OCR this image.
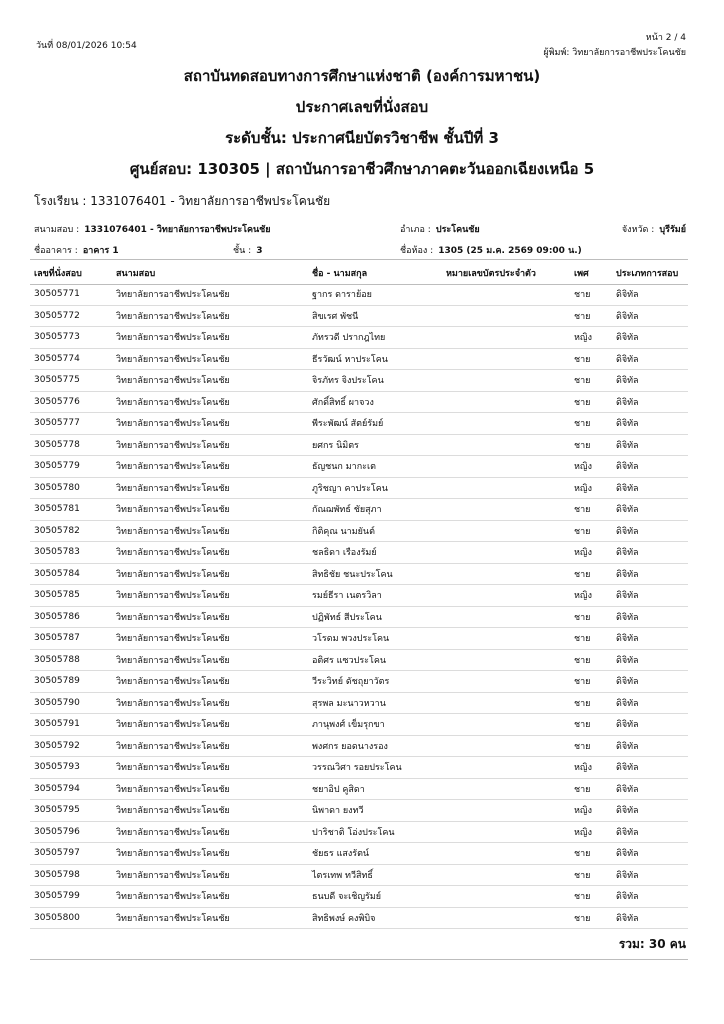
วันที่ 08/01/2026 10:54
หน้า 2 / 4
ผู้พิมพ์: วิทยาลัยการอาชีพประโคนชัย
สถาบันทดสอบทางการศึกษาแห่งชาติ (องค์การมหาชน)
ประกาศเลขที่นั่งสอบ
ระดับชั้น: ประกาศนียบัตรวิชาชีพ ชั้นปีที่ 3
ศูนย์สอบ: 130305 | สถาบันการอาชีวศึกษาภาคตะวันออกเฉียงเหนือ 5
โรงเรียน : 1331076401 - วิทยาลัยการอาชีพประโคนชัย
สนามสอบ : 1331076401 - วิทยาลัยการอาชีพประโคนชัย	อำเภอ : ประโคนชัย	จังหวัด : บุรีรัมย์
ชื่ออาคาร : อาคาร 1	ชั้น : 3	ชื่อห้อง : 1305 (25 ม.ค. 2569 09:00 น.)
เลขที่นั่งสอบ	สนามสอบ	ชื่อ - นามสกุล	หมายเลขบัตรประจำตัว	เพศ	ประเภทการสอบ
30505771	วิทยาลัยการอาชีพประโคนชัย	ฐากร ดาราย้อย		ชาย	ดิจิทัล
30505772	วิทยาลัยการอาชีพประโคนชัย	สิขเรศ พัชนี		ชาย	ดิจิทัล
30505773	วิทยาลัยการอาชีพประโคนชัย	ภัทรวดี ปรากฎไทย		หญิง	ดิจิทัล
30505774	วิทยาลัยการอาชีพประโคนชัย	ธีรวัฒน์ หาประโคน		ชาย	ดิจิทัล
30505775	วิทยาลัยการอาชีพประโคนชัย	จิรภัทร จิงประโคน		ชาย	ดิจิทัล
30505776	วิทยาลัยการอาชีพประโคนชัย	ศักดิ์สิทธิ์ ผาจวง		ชาย	ดิจิทัล
30505777	วิทยาลัยการอาชีพประโคนชัย	พีระพัฒน์ สัตย์รัมย์		ชาย	ดิจิทัล
30505778	วิทยาลัยการอาชีพประโคนชัย	ยศกร นิมิตร		ชาย	ดิจิทัล
30505779	วิทยาลัยการอาชีพประโคนชัย	ธัญชนก มากะเต		หญิง	ดิจิทัล
30505780	วิทยาลัยการอาชีพประโคนชัย	ภูริชญา คาประโคน		หญิง	ดิจิทัล
30505781	วิทยาลัยการอาชีพประโคนชัย	กัณฌพัทธ์ ชัยสุภา		ชาย	ดิจิทัล
30505782	วิทยาลัยการอาชีพประโคนชัย	กิติคุณ นามยันต์		ชาย	ดิจิทัล
30505783	วิทยาลัยการอาชีพประโคนชัย	ชลธิดา เรืองรัมย์		หญิง	ดิจิทัล
30505784	วิทยาลัยการอาชีพประโคนชัย	สิทธิชัย ชนะประโคน		ชาย	ดิจิทัล
30505785	วิทยาลัยการอาชีพประโคนชัย	รมย์ธีรา เนตรวิลา		หญิง	ดิจิทัล
30505786	วิทยาลัยการอาชีพประโคนชัย	ปฏิพัทธ์ สีประโคน		ชาย	ดิจิทัล
30505787	วิทยาลัยการอาชีพประโคนชัย	วโรดม พวงประโคน		ชาย	ดิจิทัล
30505788	วิทยาลัยการอาชีพประโคนชัย	อติศร แซวประโคน		ชาย	ดิจิทัล
30505789	วิทยาลัยการอาชีพประโคนชัย	วีระวิทย์ ดัชถุยาวัตร		ชาย	ดิจิทัล
30505790	วิทยาลัยการอาชีพประโคนชัย	สุรพล มะนาวหวาน		ชาย	ดิจิทัล
30505791	วิทยาลัยการอาชีพประโคนชัย	ภานุพงศ์ เข็มรุกขา		ชาย	ดิจิทัล
30505792	วิทยาลัยการอาชีพประโคนชัย	พงศกร ยอดนางรอง		ชาย	ดิจิทัล
30505793	วิทยาลัยการอาชีพประโคนชัย	วรรณวิศา รอยประโคน		หญิง	ดิจิทัล
30505794	วิทยาลัยการอาชีพประโคนชัย	ชยาอิป คูสิดา		ชาย	ดิจิทัล
30505795	วิทยาลัยการอาชีพประโคนชัย	นิพาดา ยงทวี		หญิง	ดิจิทัล
30505796	วิทยาลัยการอาชีพประโคนชัย	ปาริชาติ โอ่งประโคน		หญิง	ดิจิทัล
30505797	วิทยาลัยการอาชีพประโคนชัย	ชัยธร แสงรัตน์		ชาย	ดิจิทัล
30505798	วิทยาลัยการอาชีพประโคนชัย	ไตรเทพ ทวีสิทธิ์		ชาย	ดิจิทัล
30505799	วิทยาลัยการอาชีพประโคนชัย	ธนบดี จะเชิญรัมย์		ชาย	ดิจิทัล
30505800	วิทยาลัยการอาชีพประโคนชัย	สิทธิพงษ์ คงพิบิจ		ชาย	ดิจิทัล
รวม: 30 คน
